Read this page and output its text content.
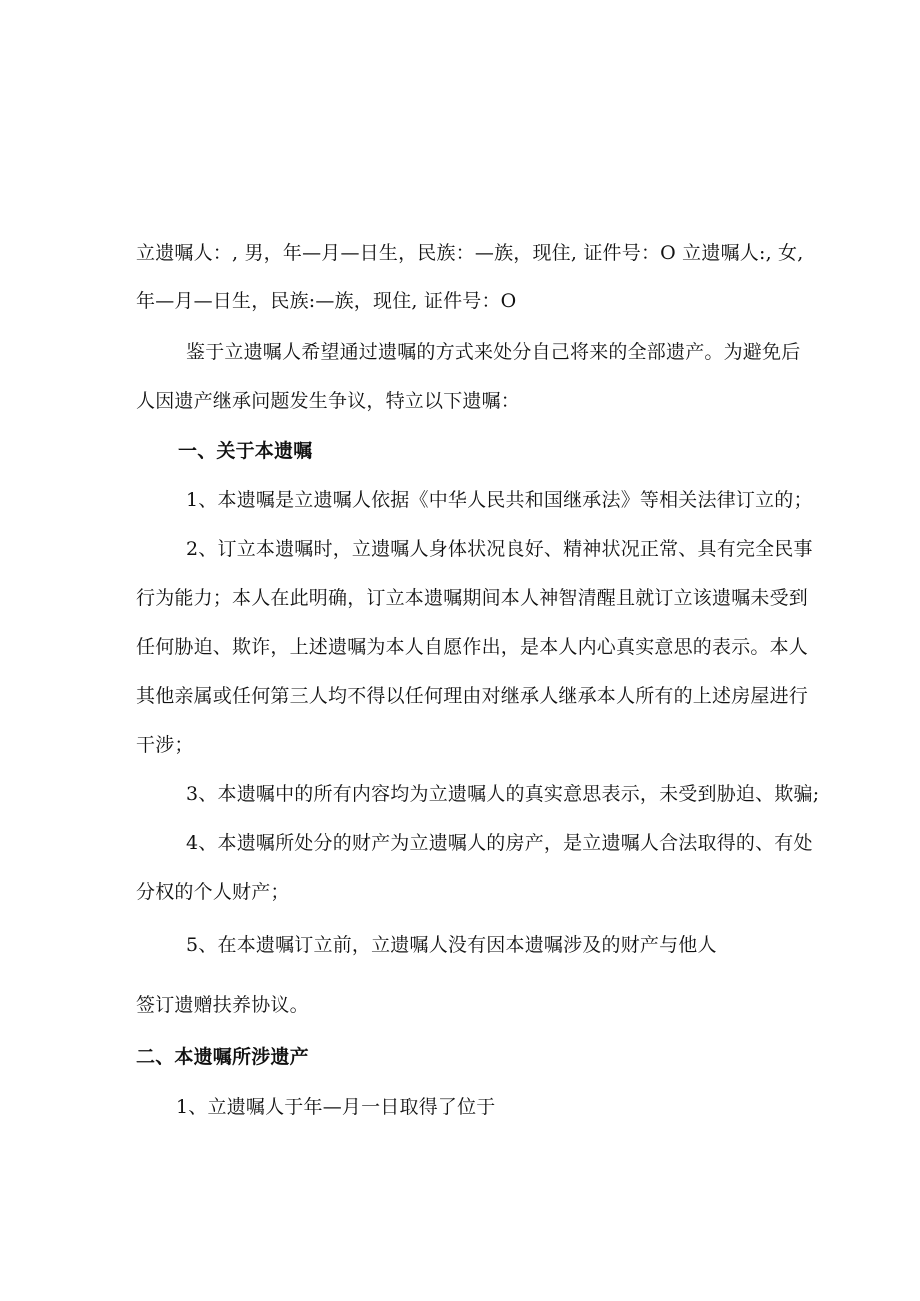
立遗嘱人：, 男，年—月—日生，民族：—族，现住, 证件号：O 立遗嘱人:, 女,
年—月—日生，民族:—族，现住, 证件号：O
鉴于立遗嘱人希望通过遗嘱的方式来处分自己将来的全部遗产。为避免后
人因遗产继承问题发生争议，特立以下遗嘱：
一、关于本遗嘱
1、本遗嘱是立遗嘱人依据《中华人民共和国继承法》等相关法律订立的；
2、订立本遗嘱时，立遗嘱人身体状况良好、精神状况正常、具有完全民事
行为能力；本人在此明确，订立本遗嘱期间本人神智清醒且就订立该遗嘱未受到
任何胁迫、欺诈，上述遗嘱为本人自愿作出，是本人内心真实意思的表示。本人
其他亲属或任何第三人均不得以任何理由对继承人继承本人所有的上述房屋进行
干涉；
3、本遗嘱中的所有内容均为立遗嘱人的真实意思表示，未受到胁迫、欺骗;
4、本遗嘱所处分的财产为立遗嘱人的房产，是立遗嘱人合法取得的、有处
分权的个人财产；
5、在本遗嘱订立前，立遗嘱人没有因本遗嘱涉及的财产与他人
签订遗赠扶养协议。
二、本遗嘱所涉遗产
1、立遗嘱人于年—月一日取得了位于
